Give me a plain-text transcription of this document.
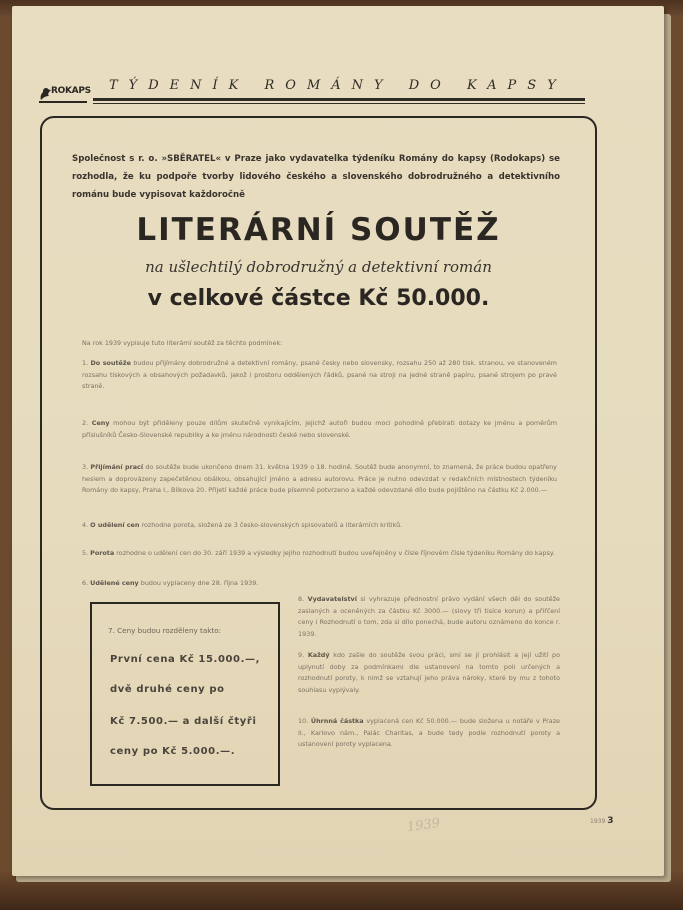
ROKAPS TÝDENÍK ROMÁNY DO KAPSY
Společnost s r. o. »SBĚRATEL« v Praze jako vydavatelka týdeníku Romány do kapsy (Rodokaps) se rozhodla, že ku podpoře tvorby lidového českého a slovenského dobrodružného a detektivního románu bude vypisovat každoročně
LITERÁRNÍ SOUTĚŽ
na ušlechtilý dobrodružný a detektivní román
v celkové částce Kč 50.000.
Na rok 1939 vypisuje tuto literární soutěž za těchto podmínek:
1. Do soutěže budou přijímány dobrodružné a detektivní romány, psané česky nebo slovensky, rozsahu 250 až 280 tisk. stranou, ve stanoveném rozsahu tiskových a obsahových požadavků, jakož i prostoru oddělených řádků, psané na stroji na jedné straně papíru, psané strojem po pravé straně.
2. Ceny mohou být přiděleny pouze dílům skutečně vynikajícím, jejichž autoři budou moci pohodlně přebírati dotazy ke jménu a poměrům příslušníků Česko-Slovenské republiky a ke jménu národnosti české nebo slovenské.
3. Přijímání prací do soutěže bude ukončeno dnem 31. května 1939 o 18. hodině. Soutěž bude anonymní, to znamená, že práce budou opatřeny heslem a doprovázeny zapečetěnou obálkou, obsahující jméno a adresu autorovu. Práce je nutno odevzdat v redakčních místnostech týdeníku Romány do kapsy, Praha I., Bílkova 20. Přijetí každé práce bude písemně potvrzeno a každé odevzdané dílo bude pojištěno na částku Kč 2.000.—
4. O udělení cen rozhodne porota, složená ze 3 česko-slovenských spisovatelů a literárních kritiků.
5. Porota rozhodne o udělení cen do 30. září 1939 a výsledky jejího rozhodnutí budou uveřejněny v čísle říjnovém čísle týdeníku Romány do kapsy.
6. Udělené ceny budou vyplaceny dne 28. října 1939.
8. Vydavatelství si vyhrazuje přednostní právo vydání všech děl do soutěže zaslaných a oceněných za částku Kč 3000.— (slovy tři tisíce korun) a přiřčení ceny i Rozhodnutí o tom, zda si dílo ponechá, bude autoru oznámeno do konce r. 1939.
9. Každý kdo zašle do soutěže svou práci, smí se jí prohlásit a její užití po uplynutí doby za podmínkami dle ustanovení na tomto poli určených a rozhodnutí poroty, k nimž se vztahují jeho práva nároky, které by mu z tohoto souhlasu vyplývaly.
10. Úhrnná částka vyplacená cen Kč 50.000.— bude složena u notáře v Praze II., Karlovo nám., Palác Charitas, a bude tedy podle rozhodnutí poroty a ustanovení poroty vyplacena.
7. Ceny budou rozděleny takto:
První cena Kč 15.000.—,
dvě druhé ceny po
Kč 7.500.— a další čtyři
ceny po Kč 5.000.—.
1939	1939 3
